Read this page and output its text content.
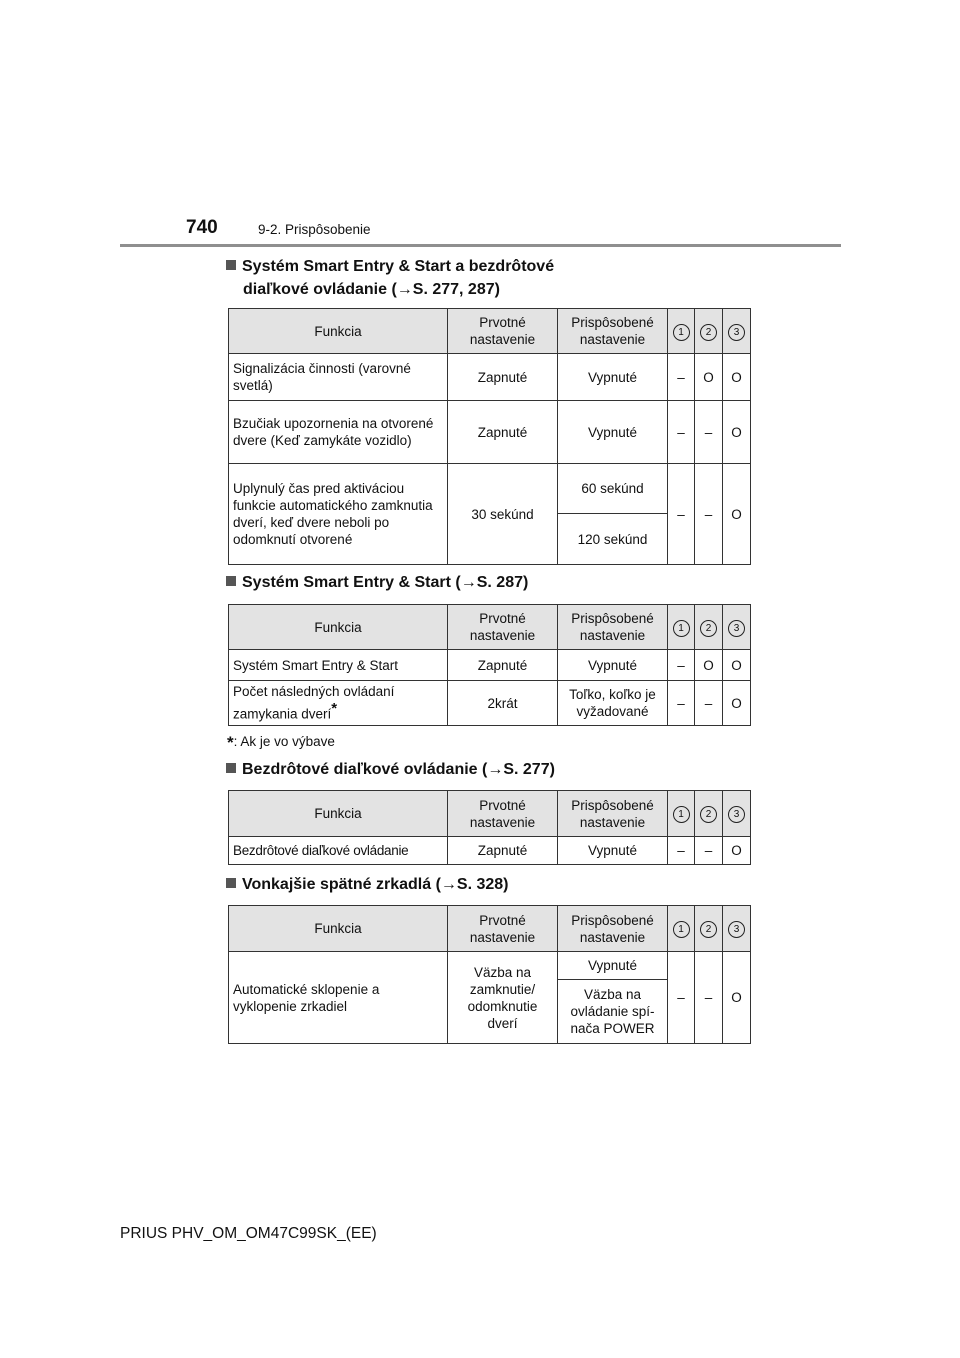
740	9-2. Prispôsobenie
Systém Smart Entry & Start a bezdrôtové
diaľkové ovládanie (→S. 277, 287)
Funkcia	Prvotné nastavenie	Prispôsobené nastavenie	1	2	3
Signalizácia činnosti (varovné svetlá)	Zapnuté	Vypnuté	–	O	O
Bzučiak upozornenia na otvorené dvere (Keď zamykáte vozidlo)	Zapnuté	Vypnuté	–	–	O
Uplynulý čas pred aktiváciou funkcie automatického zamknutia dverí, keď dvere neboli po odomknutí otvorené	30 sekúnd	60 sekúnd	–	–	O
		120 sekúnd			
Systém Smart Entry & Start (→S. 287)
Funkcia	Prvotné nastavenie	Prispôsobené nastavenie	1	2	3
Systém Smart Entry & Start	Zapnuté	Vypnuté	–	O	O
Počet následných ovládaní zamykania dverí*	2krát	Toľko, koľko je vyžadované	–	–	O
*: Ak je vo výbave
Bezdrôtové diaľkové ovládanie (→S. 277)
Funkcia	Prvotné nastavenie	Prispôsobené nastavenie	1	2	3
Bezdrôtové diaľkové ovládanie	Zapnuté	Vypnuté	–	–	O
Vonkajšie spätné zrkadlá (→S. 328)
Funkcia	Prvotné nastavenie	Prispôsobené nastavenie	1	2	3
Automatické sklopenie a vyklopenie zrkadiel	Väzba na zamknutie/ odomknutie dverí	Vypnuté	–	–	O
		Väzba na ovládanie spí- nača POWER			
PRIUS PHV_OM_OM47C99SK_(EE)
